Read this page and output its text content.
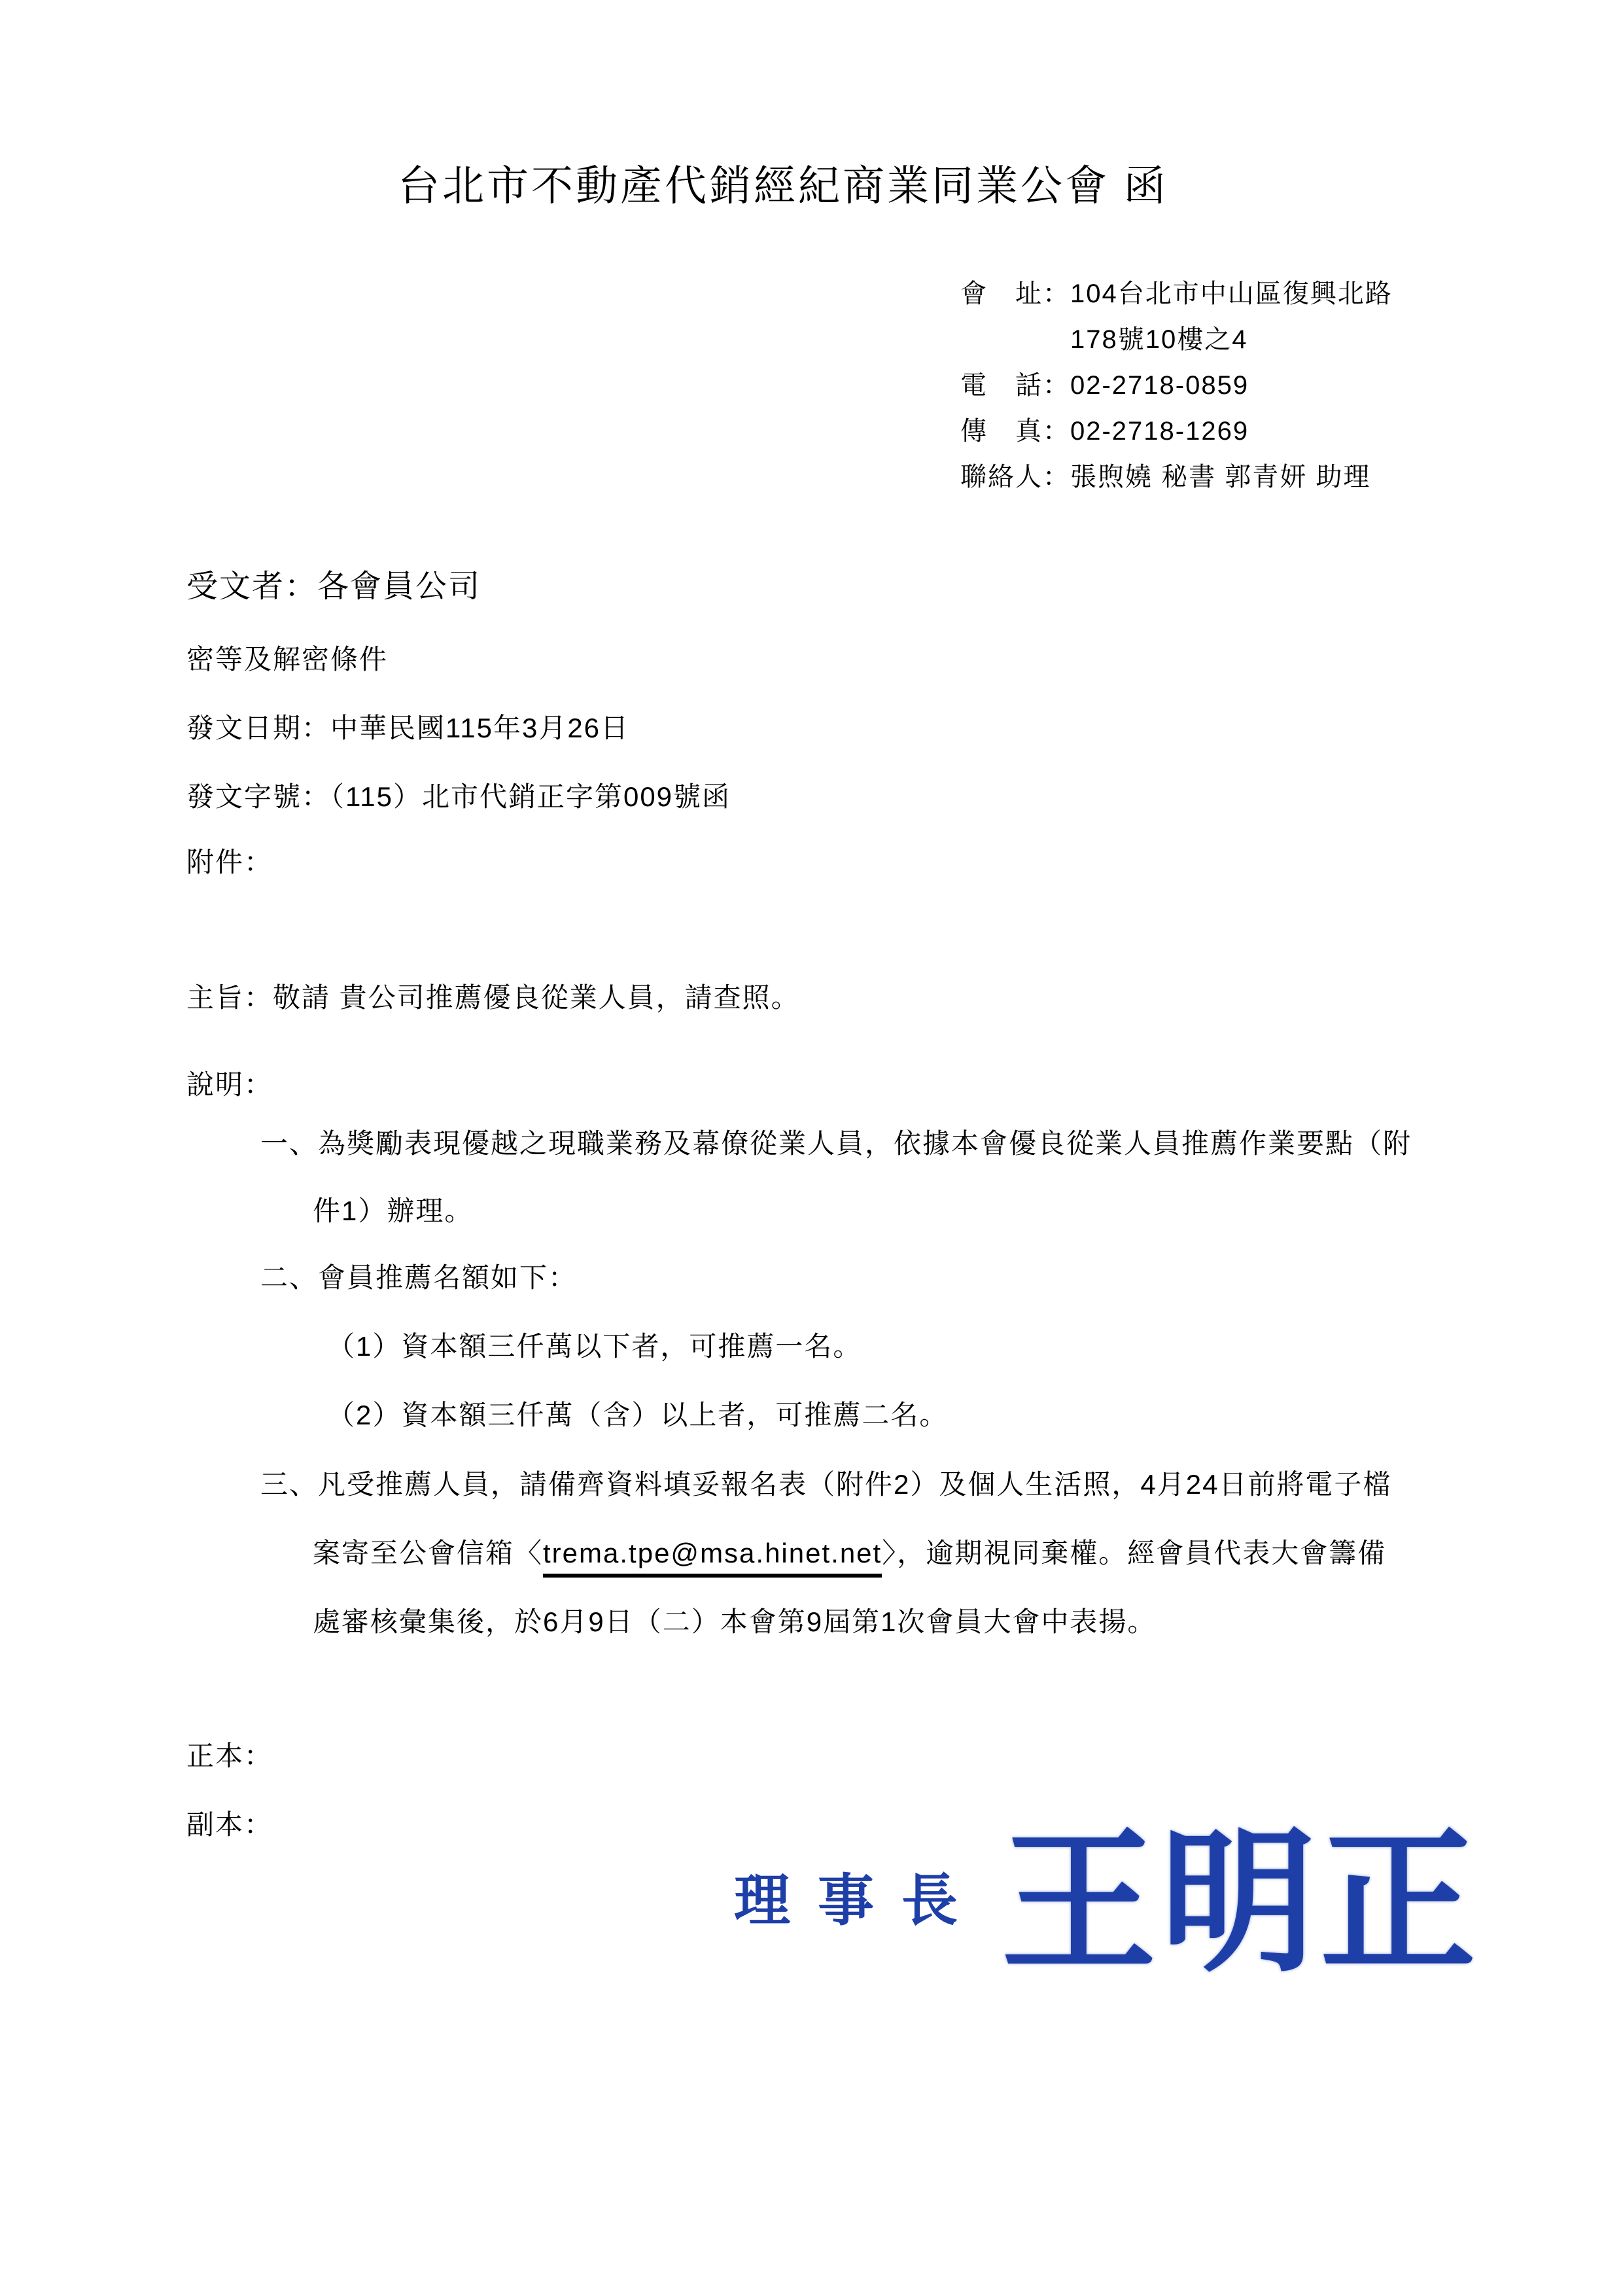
台北市不動產代銷經紀商業同業公會 函
會　址：104台北市中山區復興北路
178號10樓之4
電　話：02-2718-0859
傳　真：02-2718-1269
聯絡人：張煦嬈 秘書 郭青妍 助理
受文者：各會員公司
密等及解密條件
發文日期：中華民國115年3月26日
發文字號：（115）北市代銷正字第009號函
附件：
主旨：敬請 貴公司推薦優良從業人員，請查照。
說明：
一、為獎勵表現優越之現職業務及幕僚從業人員，依據本會優良從業人員推薦作業要點（附
件1）辦理。
二、會員推薦名額如下：
（1）資本額三仟萬以下者，可推薦一名。
（2）資本額三仟萬（含）以上者，可推薦二名。
三、凡受推薦人員，請備齊資料填妥報名表（附件2）及個人生活照，4月24日前將電子檔
案寄至公會信箱〈trema.tpe@msa.hinet.net〉，逾期視同棄權。經會員代表大會籌備
處審核彙集後，於6月9日（二）本會第9屆第1次會員大會中表揚。
正本：
副本：
理事長 王明正
